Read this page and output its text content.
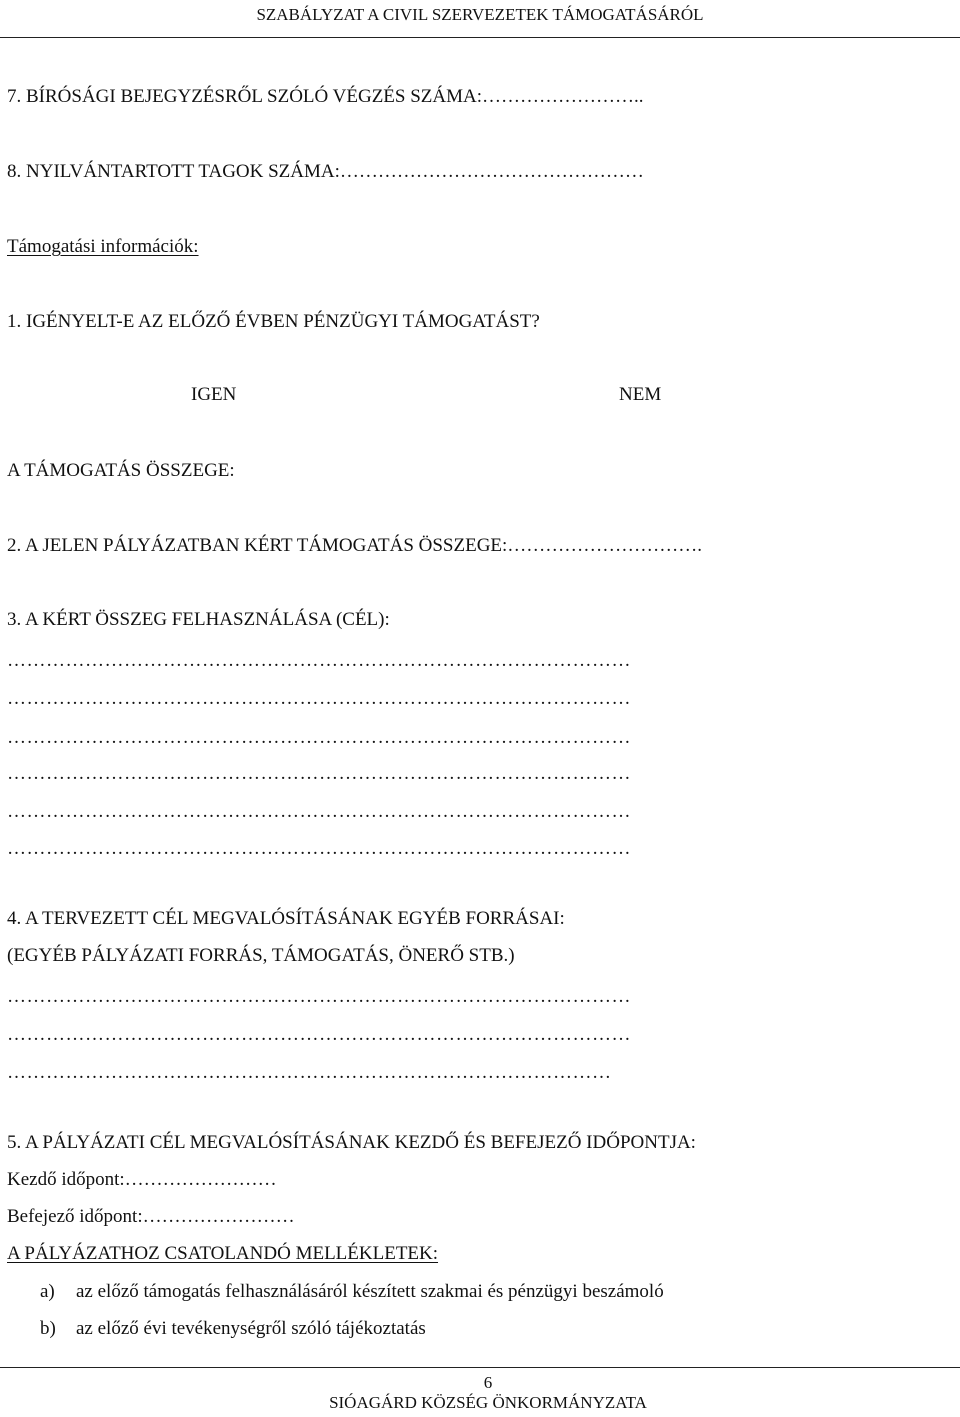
SZABÁLYZAT A CIVIL SZERVEZETEK TÁMOGATÁSÁRÓL
7. BÍRÓSÁGI BEJEGYZÉSRŐL SZÓLÓ VÉGZÉS SZÁMA:……………………..
8. NYILVÁNTARTOTT TAGOK SZÁMA:…………………………………………
Támogatási információk:
1. IGÉNYELT-E AZ ELŐZŐ ÉVBEN PÉNZÜGYI TÁMOGATÁST?
IGEN	NEM
A TÁMOGATÁS ÖSSZEGE:
2. A JELEN PÁLYÁZATBAN KÉRT TÁMOGATÁS ÖSSZEGE:………………………….
3. A KÉRT ÖSSZEG FELHASZNÁLÁSA (CÉL):
……………………………………………………………………………………
……………………………………………………………………………………
……………………………………………………………………………………
……………………………………………………………………………………
……………………………………………………………………………………
……………………………………………………………………………………
4. A TERVEZETT CÉL MEGVALÓSÍTÁSÁNAK EGYÉB FORRÁSAI:
(EGYÉB PÁLYÁZATI FORRÁS, TÁMOGATÁS, ÖNERŐ STB.)
……………………………………………………………………………………
……………………………………………………………………………………
…………………………………………………………………………………
5. A PÁLYÁZATI CÉL MEGVALÓSÍTÁSÁNAK KEZDŐ ÉS BEFEJEZŐ IDŐPONTJA:
Kezdő időpont:……………………
Befejező időpont:……………………
A PÁLYÁZATHOZ CSATOLANDÓ MELLÉKLETEK:
a) az előző támogatás felhasználásáról készített szakmai és pénzügyi beszámoló
b) az előző évi tevékenységről szóló tájékoztatás
6
SIÓAGÁRD KÖZSÉG ÖNKORMÁNYZATA
